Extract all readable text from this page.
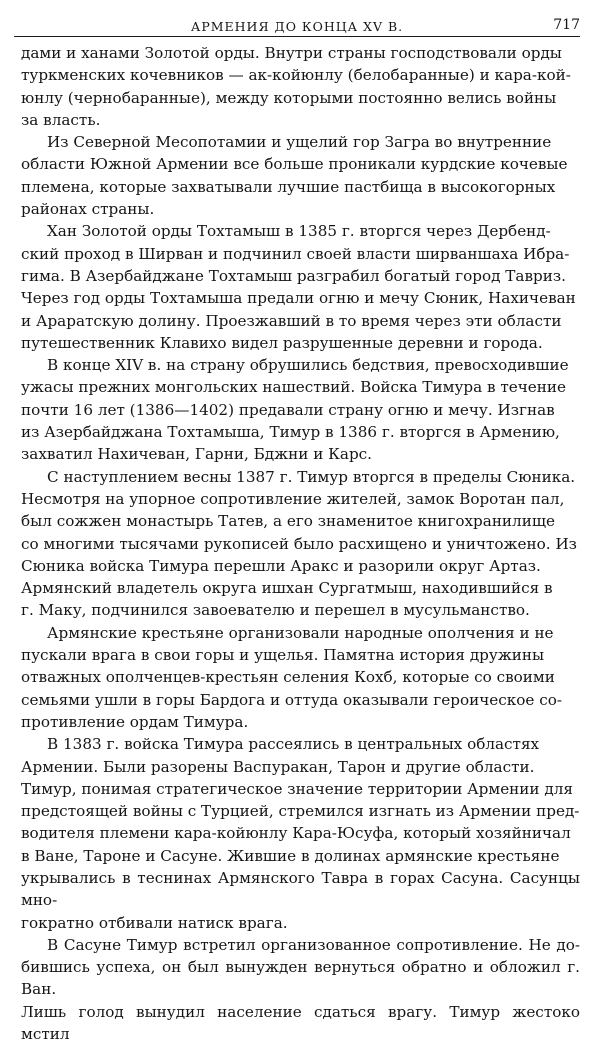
АРМЕНИЯ ДО КОНЦА XV В.	717

дами и ханами Золотой орды. Внутри страны господствовали орды
туркменских кочевников — ак-койюнлу (белобаранные) и кара-кой-
юнлу (чернобаранные), между которыми постоянно велись войны
за власть.

Из Северной Месопотамии и ущелий гор Загра во внутренние
области Южной Армении все больше проникали курдские кочевые
племена, которые захватывали лучшие пастбища в высокогорных
районах страны.

Хан Золотой орды Тохтамыш в 1385 г. вторгся через Дербенд-
ский проход в Ширван и подчинил своей власти ширваншаха Ибра-
гима. В Азербайджане Тохтамыш разграбил богатый город Тавриз.
Через год орды Тохтамыша предали огню и мечу Сюник, Нахичеван
и Араратскую долину. Проезжавший в то время через эти области
путешественник Клавихо видел разрушенные деревни и города.

В конце XIV в. на страну обрушились бедствия, превосходившие
ужасы прежних монгольских нашествий. Войска Тимура в течение
почти 16 лет (1386—1402) предавали страну огню и мечу. Изгнав
из Азербайджана Тохтамыша, Тимур в 1386 г. вторгся в Армению,
захватил Нахичеван, Гарни, Бджни и Карс.

С наступлением весны 1387 г. Тимур вторгся в пределы Сюника.
Несмотря на упорное сопротивление жителей, замок Воротан пал,
был сожжен монастырь Татев, а его знаменитое книгохранилище
со многими тысячами рукописей было расхищено и уничтожено. Из
Сюника войска Тимура перешли Аракс и разорили округ Артаз.
Армянский владетель округа ишхан Сургатмыш, находившийся в
г. Маку, подчинился завоевателю и перешел в мусульманство.

Армянские крестьяне организовали народные ополчения и не
пускали врага в свои горы и ущелья. Памятна история дружины
отважных ополченцев-крестьян селения Кохб, которые со своими
семьями ушли в горы Бардога и оттуда оказывали героическое со-
противление ордам Тимура.

В 1383 г. войска Тимура рассеялись в центральных областях
Армении. Были разорены Васпуракан, Тарон и другие области.
Тимур, понимая стратегическое значение территории Армении для
предстоящей войны с Турцией, стремился изгнать из Армении пред-
водителя племени кара-койюнлу Кара-Юсуфа, который хозяйничал
в Ване, Тароне и Сасуне. Жившие в долинах армянские крестьяне
укрывались в теснинах Армянского Тавра в горах Сасуна. Сасунцы мно-
гократно отбивали натиск врага.

В Сасуне Тимур встретил организованное сопротивление. Не до-
бившись успеха, он был вынужден вернуться обратно и обложил г. Ван.
Лишь голод вынудил население сдаться врагу. Тимур жестоко мстил
